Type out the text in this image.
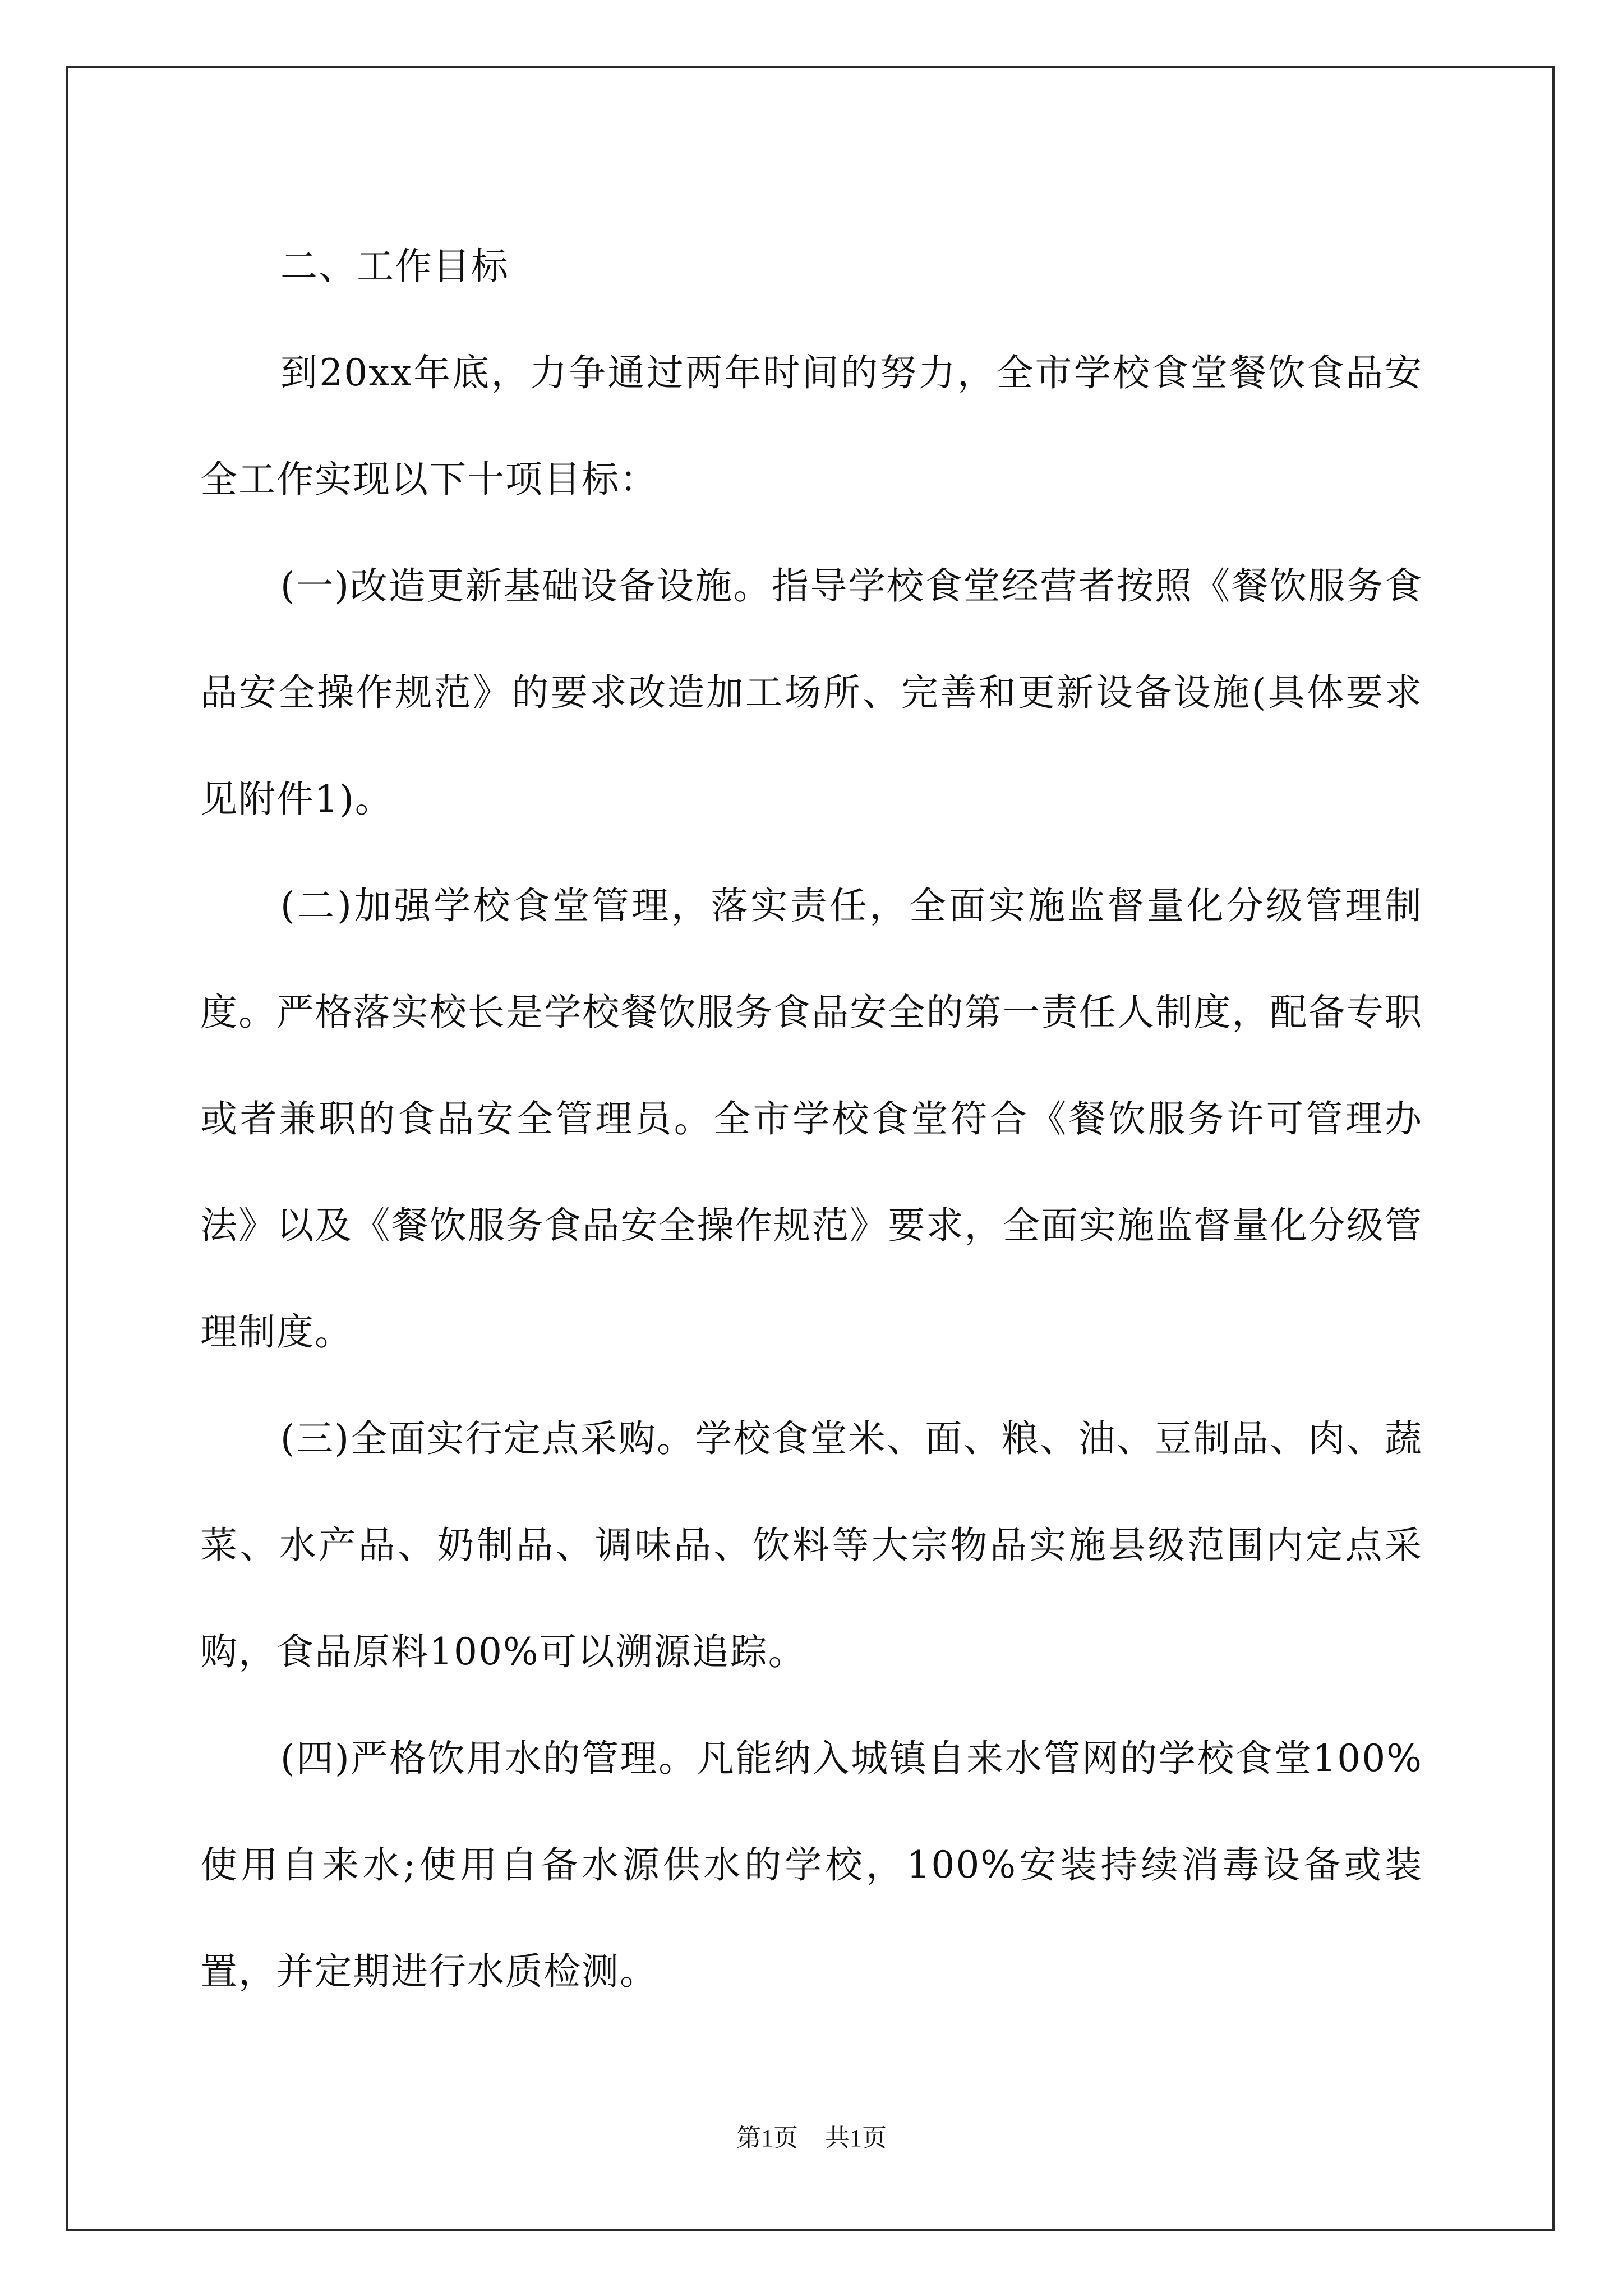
二、工作目标

到20xx年底，力争通过两年时间的努力，全市学校食堂餐饮食品安全工作实现以下十项目标：

(一)改造更新基础设备设施。指导学校食堂经营者按照《餐饮服务食品安全操作规范》的要求改造加工场所、完善和更新设备设施(具体要求见附件1)。

(二)加强学校食堂管理，落实责任，全面实施监督量化分级管理制度。严格落实校长是学校餐饮服务食品安全的第一责任人制度，配备专职或者兼职的食品安全管理员。全市学校食堂符合《餐饮服务许可管理办法》以及《餐饮服务食品安全操作规范》要求，全面实施监督量化分级管理制度。

(三)全面实行定点采购。学校食堂米、面、粮、油、豆制品、肉、蔬菜、水产品、奶制品、调味品、饮料等大宗物品实施县级范围内定点采购，食品原料100%可以溯源追踪。

(四)严格饮用水的管理。凡能纳入城镇自来水管网的学校食堂100%使用自来水;使用自备水源供水的学校，100%安装持续消毒设备或装置，并定期进行水质检测。

第1页 共1页
